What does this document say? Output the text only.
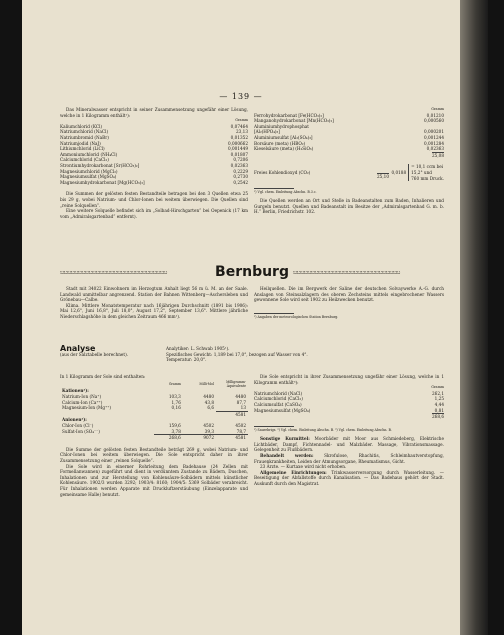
— 139 —
Das Mineralwasser entspricht in seiner Zusammensetzung ungefähr einer Lösung, welche in 1 Kilogramm enthält¹):
Gramm
Kaliumchlorid (KCl)	0,07464
Natriumchlorid (NaCl)	23,13
Natriumbromid (NaBr)	0,01352
Natriumjodid (NaJ)	0,000662
Lithiumchlorid (LiCl)	0,001449
Ammoniumchlorid (NH₄Cl)	0,01807
Calciumchlorid (CaCl₂)	0,7206
Strontiumhydrokarbonat [Sr(HCO₃)₂]	0,02363
Magnesiumchlorid (MgCl₂)	0,2229
Magnesiumsulfat (MgSO₄)	0,2730
Magnesiumhydrokarbonat [Mg(HCO₃)₂]	0,2542
Die Summen der gelösten festen Bestandteile betragen bei den 3 Quellen etwa 25 bis 29 g, wobei Natrium- und Chlor-Ionen bei weitem überwiegen. Die Quellen sind „reine Solquellen“.
Eine weitere Solquelle befindet sich im „Solbad-Hirschgarten“ bei Oepenick (17 km vom „Admiralsgartenbad“ entfernt).
Gramm
Ferrohydrokarbonat [Fe(HCO₃)₂]	0,01210
Manganohydrokarbonat [Mn(HCO₃)₂]	0,000560
Aluminiumhydrophosphat
[Al₂(HPO₄)₃]	0,000201
Aluminiumsulfat [Al₂(SO₄)₃]	0,001244
Borsäure (meta) (HBO₂)	0,001284
Kieselsäure (meta) (H₂SiO₃)	0,02363
25,08
Freies Kohlendioxyd (CO₂)	0,0188
= 10,1 ccm bei
15,2° und
760 mm Druck.
25,10
¹) Vgl. chem. Einleitung Abschn. B.3.c.
Die Quellen werden an Ort und Stelle in Badeanstalten zum Baden, Inhalieren und Gurgeln benutzt. Quellen und Badeanstalt im Besitze der „Admiralsgartenbad G. m. b. H.“ Berlin, Friedrichstr. 102.
ಬಬಬಬಬಬಬಬಬಬಬಬಬಬಬಬಬಬಬಬಬಬಬಬಬಬಬಬಬಬ	Bernburg ಬಬಬಬಬಬಬಬಬಬಬಬಬಬಬಬಬಬಬಬಬಬಬಬಬಬಬಬಬಬ
Stadt mit 34022 Einwohnern im Herzogtum Anhalt liegt 56 m ü. M. an der Saale. Landwald unmittelbar angrenzend. Station der Bahnen Wittenberg—Aschersleben und Grönebau—Calbe.
Klima. Mittlere Monatstemperatur nach 16jährigen Durchschnitt (1891 bis 1906): Mai 12,6°, Juni 16,8°, Juli 18,0°, August 17,2°, September 13,6°. Mittlere jährliche Niederschlagshöhe in dem gleichen Zeitraum 466 mm¹).
Heilquellen. Die im Bergwerk der Saline der deutschen Solvaywerke A.-G. durch Anslagen von Steinsalzlagern des oberen Zechsteins mittels eingebrochener Wassers gewonnene Sole wird seit 1902 zu Heilzwecken benutzt.
¹) Angaben der meteorologischen Station Bernburg.
Analyse
(aus der Salztabelle berechnet).
Analytiker: L. Schwab 1905¹).
Spezifisches Gewicht: 1,189 bei 17,0°, bezogen auf Wasser von 4°.
Temperatur: 20,0°.
In 1 Kilogramm der Sole sind enthalten:
	Gramm	Milli-Mol	Milligramm-Äquivalente
Kationen²):			
Natrium-Ion (Na⁺)	103,3	4480	4480
Calcium-Ion (Ca⁺⁺)	1,76	43,8	87,7
Magnesium-Ion (Mg⁺⁺)	0,16	6,6	13
			4581
Anionen²):			
Chlor-Ion (Cl⁻)	159,6	4502	4502
Sulfat-Ion (SO₄⁻⁻)	3,78	39,3	78,7
	268,6	9072	4581
Die Summe der gelösten festen Bestandteile beträgt 269 g, wobei Natrium- und Chlor-Ionen bei weitem überwiegen. Die Sole entspricht daher in ihrer Zusammensetzung einer „reinen Solquelle“.
Die Sole wird in einerner Rohrleitung dem Badehause (24 Zellen mit Formellanwannen) zugeführt und dient in verdünntem Zustande zu Bädern, Duschen, Inhalationen und zur Herstellung von Kohlensäure-Solbädern mittels künstlicher Kohlensäure. 1902/3 wurden 3292; 1903/4: 8160; 1904/5: 5369 Solbäder verabreicht. Für Inhalationen werden Apparate mit Druckluftzerstäubung (Einzelapparate und gemeinsame Halle) benutzt.
Die Sole entspricht in ihrer Zusammensetzung ungefähr einer Lösung, welche in 1 Kilogramm enthält³):
Gramm
Natriumchlorid (NaCl)	262,1
Calciumchlorid (CaCl₂)	1,25
Calciumsulfat (CaSO₄)	4,44
Magnesiumsulfat (MgSO₄)	0,81
268,6
¹) Sauerbrigs. ²) Vgl. chem. Einleitung Abschn. B. ³) Vgl. chem. Einleitung Abschn. B.
Sonstige Kurmittel: Moorbäder mit Moor aus Schmiedeberg, Elektrische Lichtbäder, Dampf, Fichtennadel- und Malzbäder. Massage, Vibrationsmassage. Gelegenheit zu Flußbädern.
Behandelt werden:	Skrofulose, Rhachitis, Schleimhautverstopfung, Frauenkrankheiten, Leiden der Atmungsorgane, Rheumatismus, Gicht.
23 Ärzte. — Kurtaxe wird nicht erhoben.
Allgemeine Einrichtungen: Trinkwasserversorgung durch Wasserleitung. — Beseitigung der Abfallstoffe durch Kanalisation. — Das Badehaus gehört der Stadt. Auskunft durch den Magistrat.
